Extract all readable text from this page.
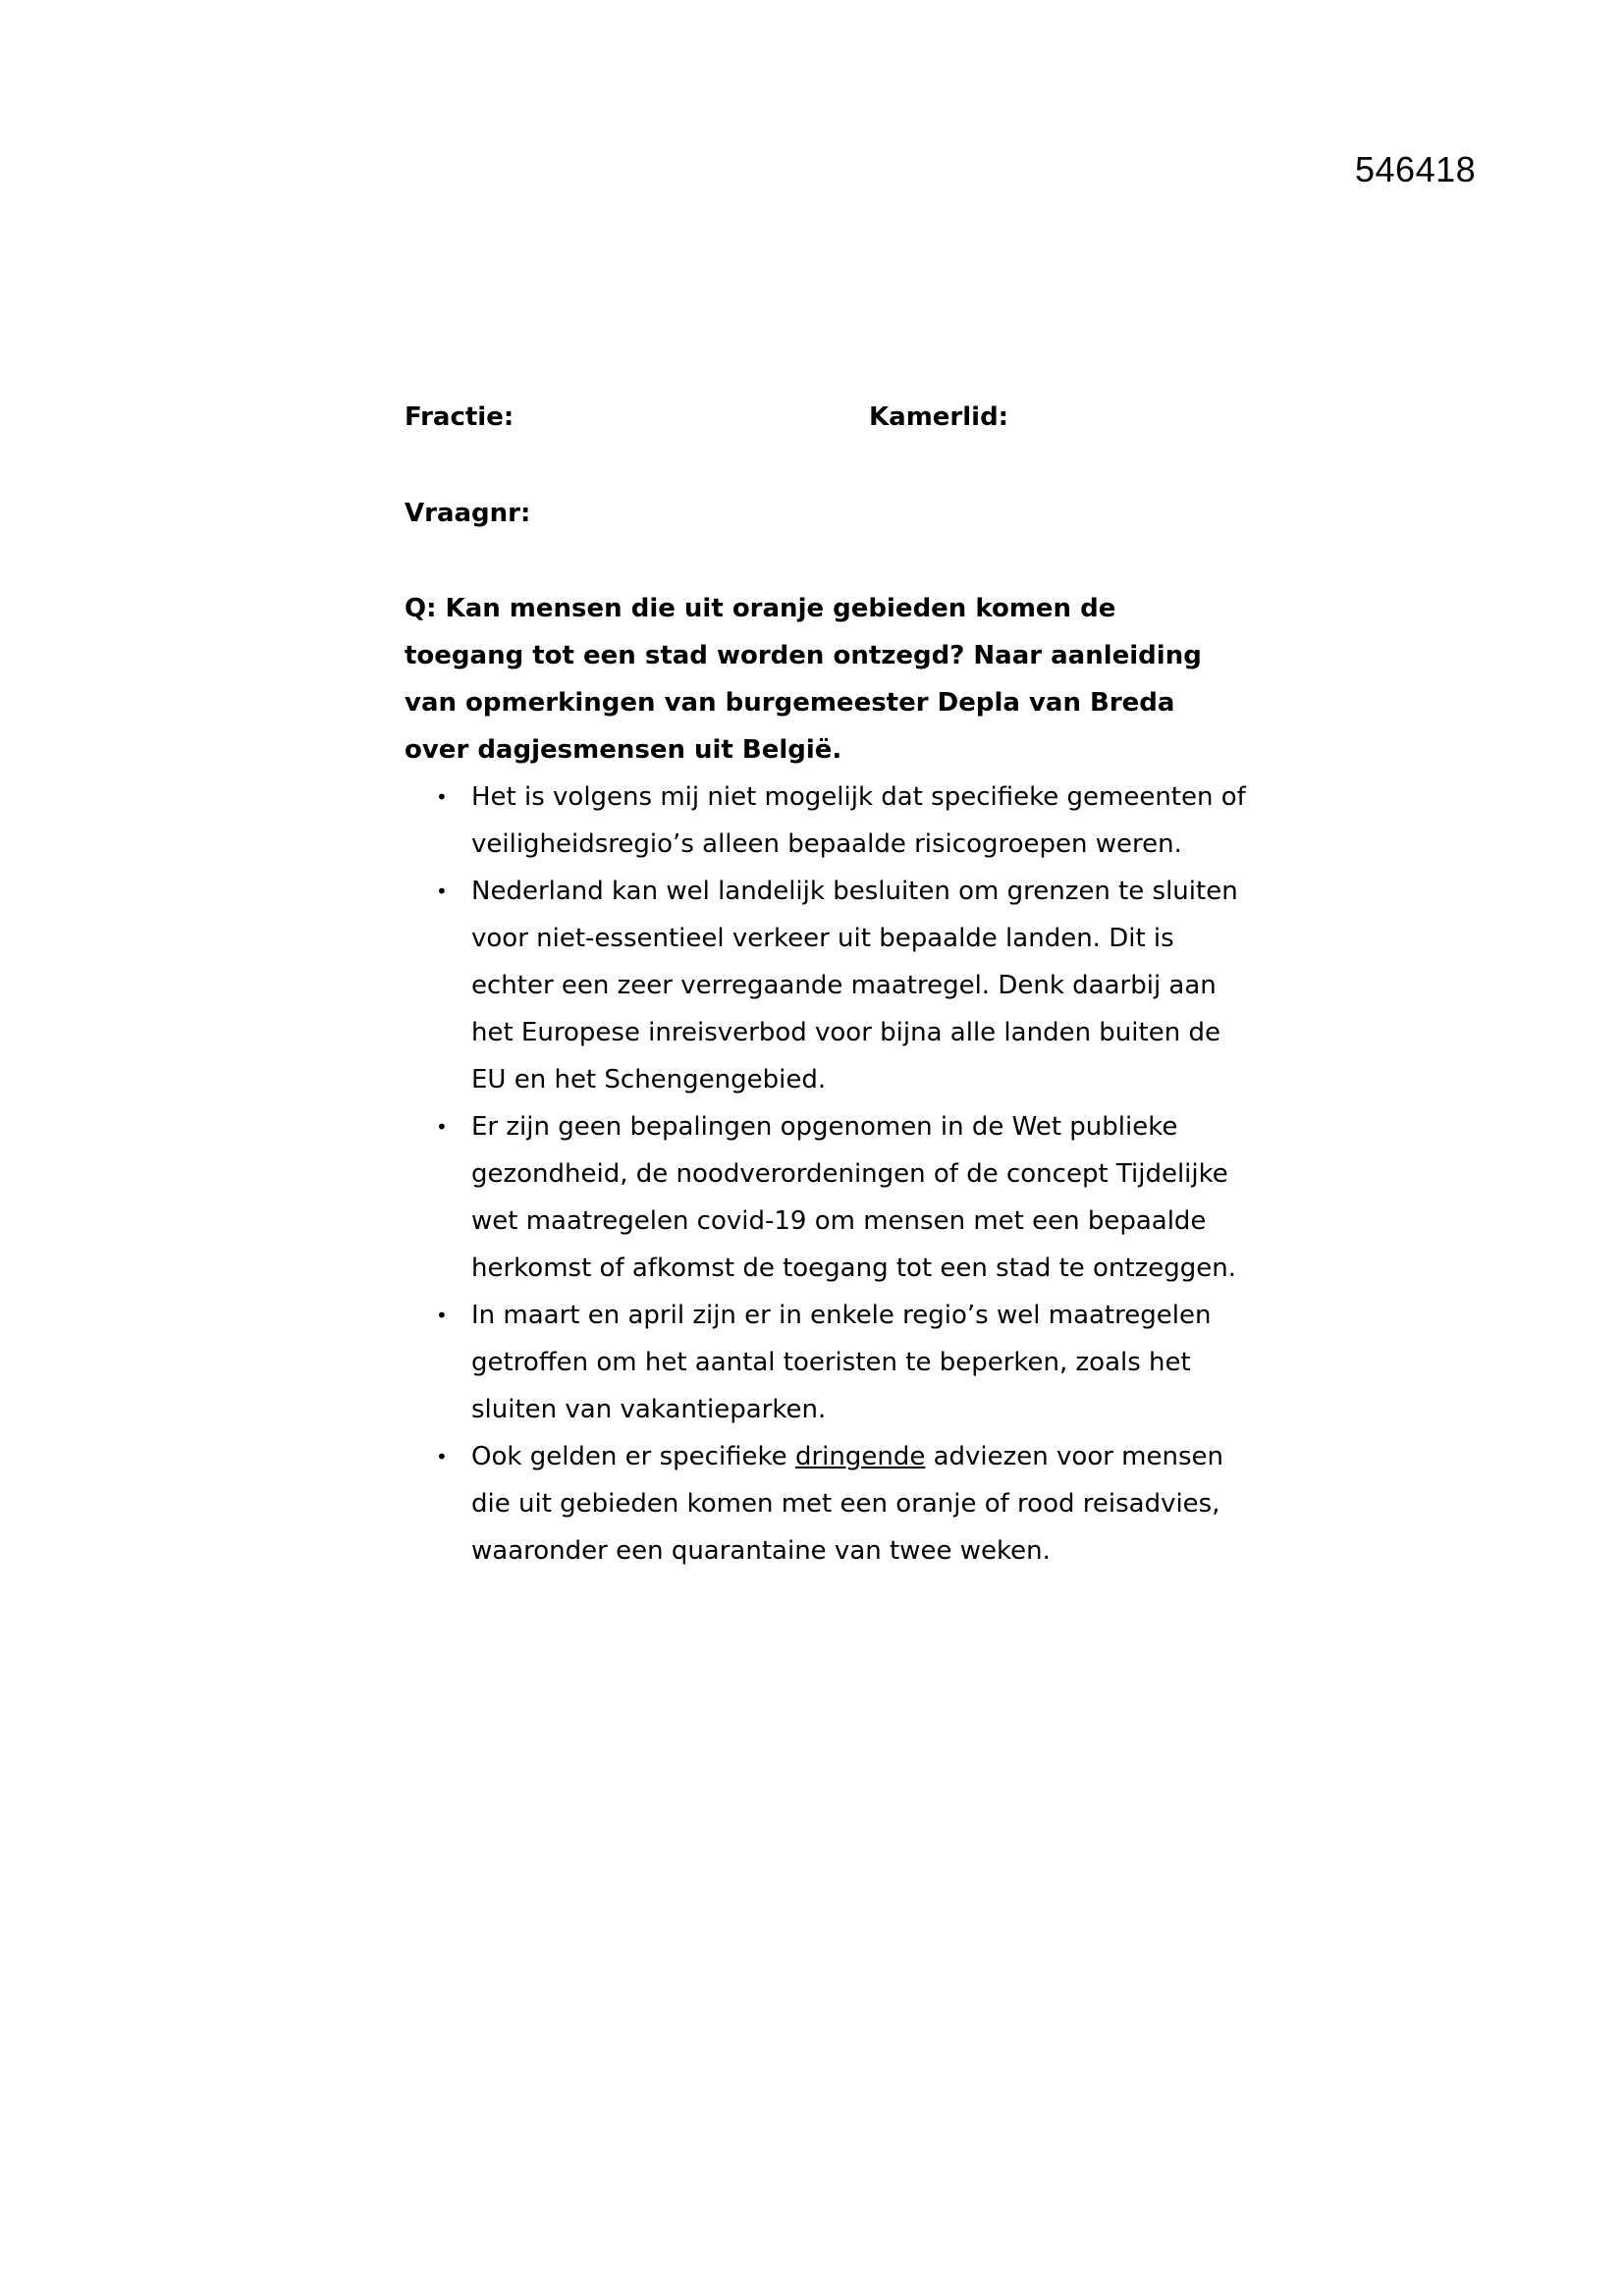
546418
Fractie:	Kamerlid:
Vraagnr:
Q: Kan mensen die uit oranje gebieden komen de toegang tot een stad worden ontzegd? Naar aanleiding van opmerkingen van burgemeester Depla van Breda over dagjesmensen uit België.
• Het is volgens mij niet mogelijk dat specifieke gemeenten of veiligheidsregio’s alleen bepaalde risicogroepen weren.
• Nederland kan wel landelijk besluiten om grenzen te sluiten voor niet-essentieel verkeer uit bepaalde landen. Dit is echter een zeer verregaande maatregel. Denk daarbij aan het Europese inreisverbod voor bijna alle landen buiten de EU en het Schengengebied.
• Er zijn geen bepalingen opgenomen in de Wet publieke gezondheid, de noodverordeningen of de concept Tijdelijke wet maatregelen covid-19 om mensen met een bepaalde herkomst of afkomst de toegang tot een stad te ontzeggen.
• In maart en april zijn er in enkele regio’s wel maatregelen getroffen om het aantal toeristen te beperken, zoals het sluiten van vakantieparken.
• Ook gelden er specifieke dringende adviezen voor mensen die uit gebieden komen met een oranje of rood reisadvies, waaronder een quarantaine van twee weken.
